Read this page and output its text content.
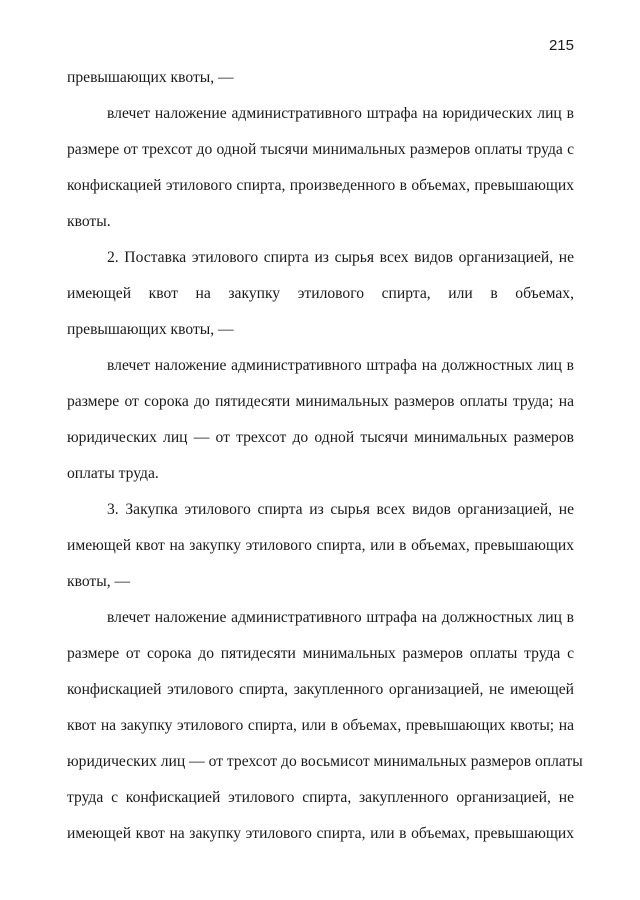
215
превышающих квоты, —
влечет наложение административного штрафа на юридических лиц в
размере от трехсот до одной тысячи минимальных размеров оплаты труда с
конфискацией этилового спирта, произведенного в объемах, превышающих
квоты.
2. Поставка этилового спирта из сырья всех видов организацией, не
имеющей квот на закупку этилового спирта, или в объемах,
превышающих квоты, —
влечет наложение административного штрафа на должностных лиц в
размере от сорока до пятидесяти минимальных размеров оплаты труда; на
юридических лиц — от трехсот до одной тысячи минимальных размеров
оплаты труда.
3. Закупка этилового спирта из сырья всех видов организацией, не
имеющей квот на закупку этилового спирта, или в объемах, превышающих
квоты, —
влечет наложение административного штрафа на должностных лиц в
размере от сорока до пятидесяти минимальных размеров оплаты труда с
конфискацией этилового спирта, закупленного организацией, не имеющей
квот на закупку этилового спирта, или в объемах, превышающих квоты; на
юридических лиц — от трехсот до восьмисот минимальных размеров оплаты
труда с конфискацией этилового спирта, закупленного организацией, не
имеющей квот на закупку этилового спирта, или в объемах, превышающих
